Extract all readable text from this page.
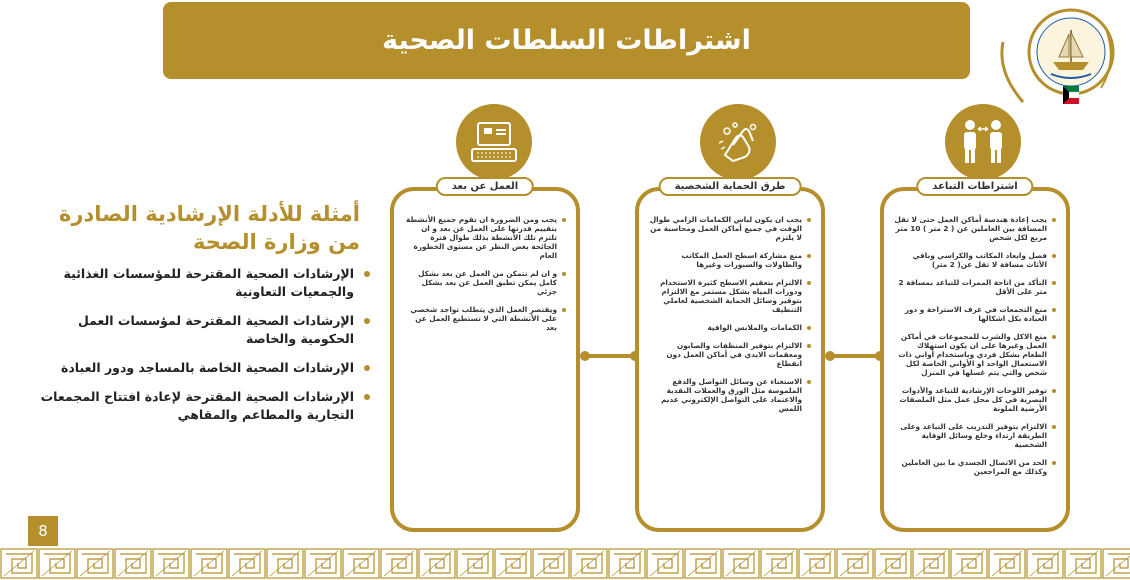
اشتراطات السلطات الصحية
اشتراطات التباعد
يجب إعادة هندسة أماكن العمل حتى لا تقل المسافة بين العاملين عن ( 2 متر ) 10 متر مربع لكل شخص
فصل وابعاد المكاتب والكراسي وباقي الأثاث مسافة لا تقل عن( 2 متر)
التأكد من اتاحة الممرات للتباعد بمسافة 2 متر على الأقل
منع التجمعات في غرف الاستراحة و دور العبادة بكل اشكالها
منع الاكل والشرب للمجموعات في أماكن العمل وغيرها على ان يكون استهلاك الطعام بشكل فردي وباستخدام أواني ذات الاستعمال الواحد او الأواني الخاصة لكل شخص والتي يتم غسلها في المنزل
توفير اللوحات الإرشادية للتباعد والأدوات البصرية في كل محل عمل مثل الملصقات الأرضية الملونة
الالتزام بتوفير التدريب على التباعد وعلى الطريقة ارتداء وخلع وسائل الوقاية الشخصية
الحد من الاتصال الجسدي ما بين العاملين وكذلك مع المراجعين
طرق الحماية الشخصية
يجب ان يكون لباس الكمامات الزامي طوال الوقت في جميع أماكن العمل ومحاسبة من لا يلتزم
منع مشاركة اسطح العمل المكاتب والطاولات والسبورات وغيرها
الالتزام بتعقيم الاسطح كثيرة الاستخدام ودورات المياه بشكل مستمر مع الالتزام بتوفير وسائل الحماية الشخصية لعاملي التنظيف
الكمامات والملابس الواقية
الالتزام بتوفير المنظفات والصابون ومعقمات الايدي في أماكن العمل دون انقطاع
الاستغناء عن وسائل التواصل والدفع الملموسة مثل الورق والعملات النقدية والاعتماد على التواصل الإلكتروني عديم اللمس
العمل عن بعد
يجب ومن الضرورة ان تقوم جميع الأنشطة بتقييم قدرتها على العمل عن بعد و ان تلتزم تلك الأنشطة بذلك طوال فترة الجائحة بغض النظر عن مستوى الخطورة العام
و ان لم تتمكن من العمل عن بعد بشكل كامل يمكن تطبق العمل عن بعد بشكل جزئي
ويقتصر العمل الذي يتطلب تواجد شخصي على الأنشطة التي لا تستطيع العمل عن بعد
أمثلة للأدلة الإرشادية الصادرة من وزارة الصحة
الإرشادات الصحية المقترحة للمؤسسات الغذائية والجمعيات التعاونية
الإرشادات الصحية المقترحة لمؤسسات العمل الحكومية والخاصة
الإرشادات الصحية الخاصة بالمساجد ودور العبادة
الإرشادات الصحية المقترحة لإعادة افتتاح المجمعات التجارية والمطاعم والمقاهي
8
